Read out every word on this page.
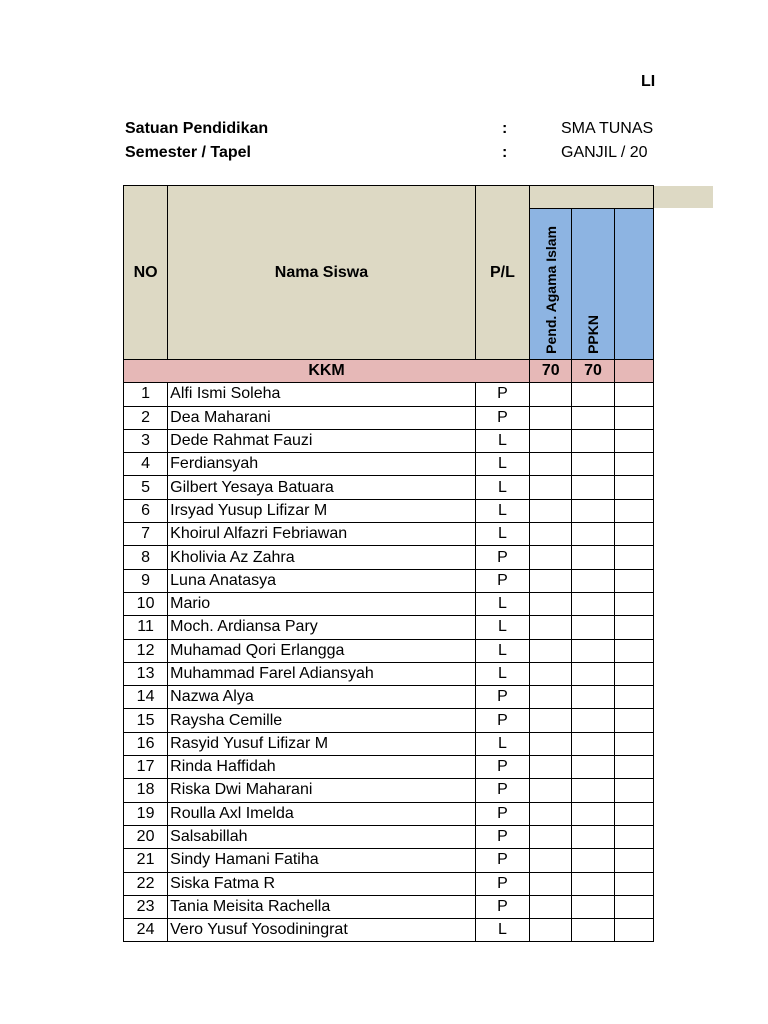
LI
Satuan Pendidikan	:	SMA TUNAS
Semester / Tapel	:	GANJIL / 20
NO	Nama Siswa	P/L			
			Pend. Agama Islam	PPKN	
KKM			70	70	
1	Alfi Ismi Soleha	P			
2	Dea Maharani	P			
3	Dede Rahmat Fauzi	L			
4	Ferdiansyah	L			
5	Gilbert Yesaya Batuara	L			
6	Irsyad Yusup Lifizar M	L			
7	Khoirul Alfazri Febriawan	L			
8	Kholivia Az Zahra	P			
9	Luna Anatasya	P			
10	Mario	L			
11	Moch. Ardiansa Pary	L			
12	Muhamad Qori Erlangga	L			
13	Muhammad Farel Adiansyah	L			
14	Nazwa Alya	P			
15	Raysha Cemille	P			
16	Rasyid Yusuf Lifizar M	L			
17	Rinda Haffidah	P			
18	Riska Dwi Maharani	P			
19	Roulla Axl Imelda	P			
20	Salsabillah	P			
21	Sindy Hamani Fatiha	P			
22	Siska Fatma R	P			
23	Tania Meisita Rachella	P			
24	Vero Yusuf Yosodiningrat	L			
